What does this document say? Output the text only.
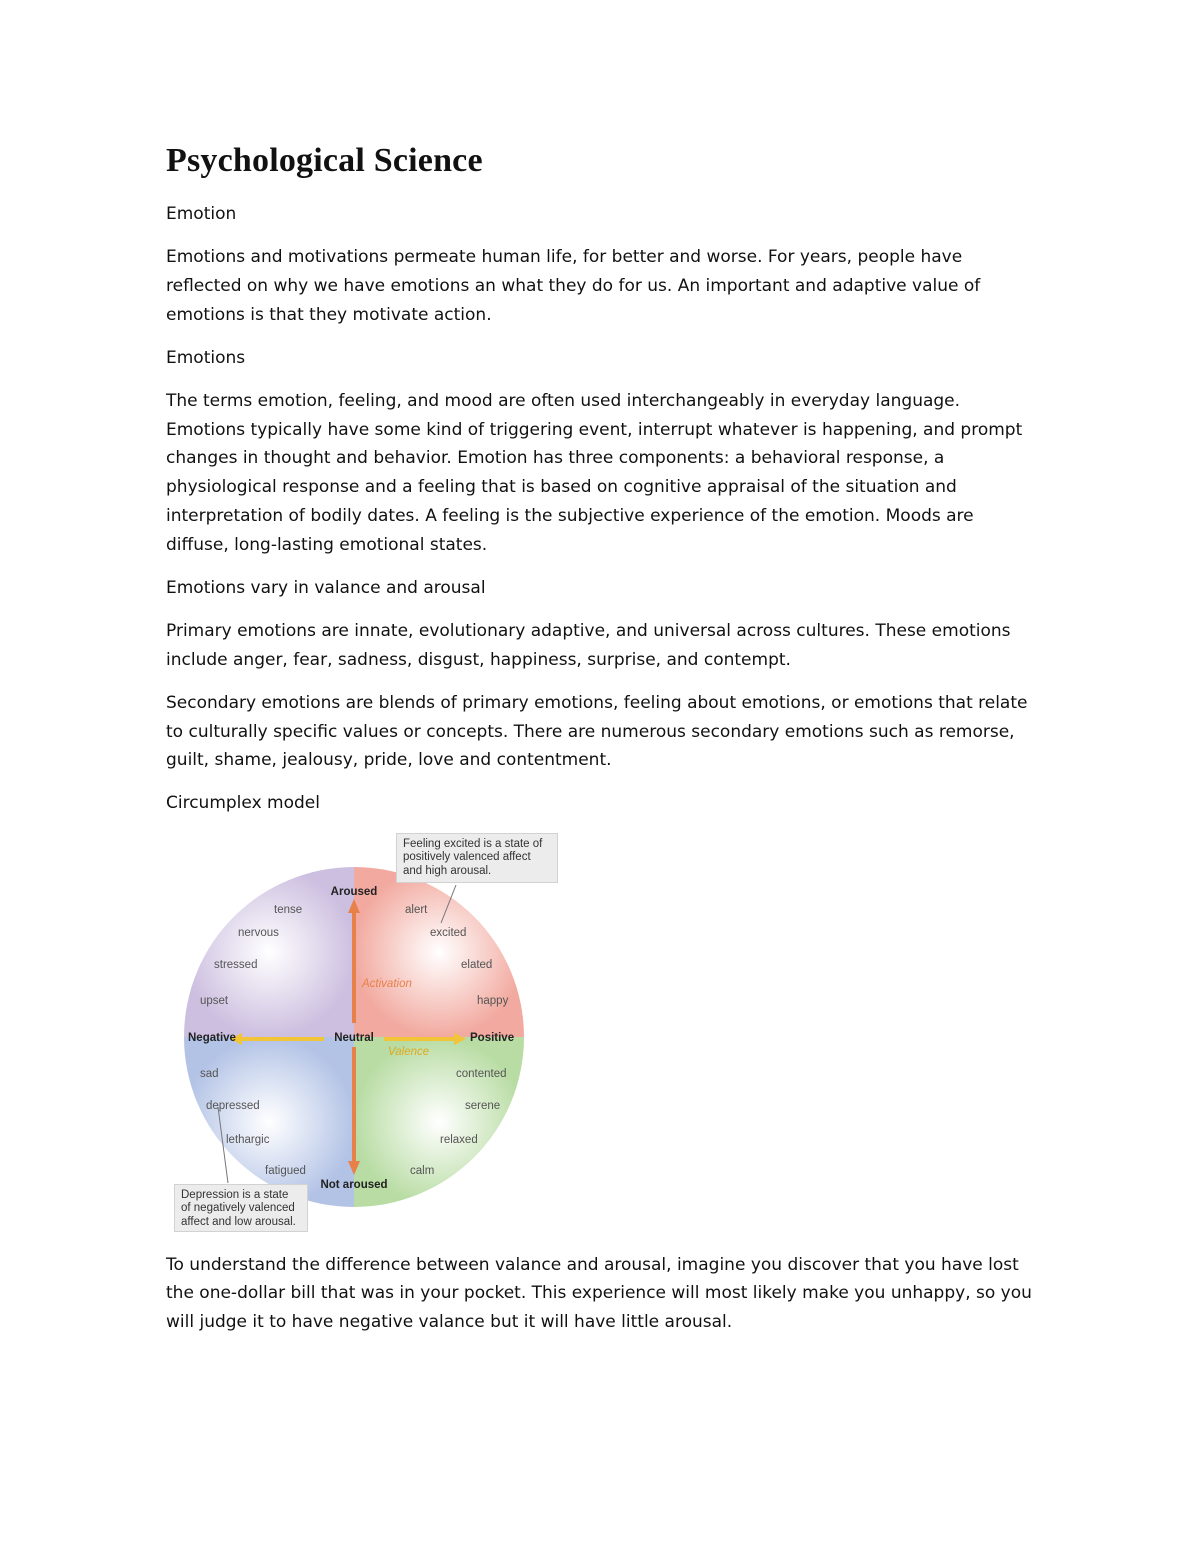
Psychological Science

Emotion

Emotions and motivations permeate human life, for better and worse. For years, people have reflected on why we have emotions an what they do for us. An important and adaptive value of emotions is that they motivate action.

Emotions

The terms emotion, feeling, and mood are often used interchangeably in everyday language. Emotions typically have some kind of triggering event, interrupt whatever is happening, and prompt changes in thought and behavior. Emotion has three components: a behavioral response, a physiological response and a feeling that is based on cognitive appraisal of the situation and interpretation of bodily dates. A feeling is the subjective experience of the emotion. Moods are diffuse, long-lasting emotional states.

Emotions vary in valance and arousal

Primary emotions are innate, evolutionary adaptive, and universal across cultures. These emotions include anger, fear, sadness, disgust, happiness, surprise, and contempt.

Secondary emotions are blends of primary emotions, feeling about emotions, or emotions that relate to culturally specific values or concepts. There are numerous secondary emotions such as remorse, guilt, shame, jealousy, pride, love and contentment.

Circumplex model

Aroused
Not aroused
Negative	Positive
Neutral
Activation
Valence
tense
nervous
stressed
upset
alert
excited
elated
happy
sad
depressed
lethargic
fatigued
contented
serene
relaxed
calm
Feeling excited is a state of positively valenced affect and high arousal.
Depression is a state of negatively valenced affect and low arousal.

To understand the difference between valance and arousal, imagine you discover that you have lost the one-dollar bill that was in your pocket. This experience will most likely make you unhappy, so you will judge it to have negative valance but it will have little arousal.
